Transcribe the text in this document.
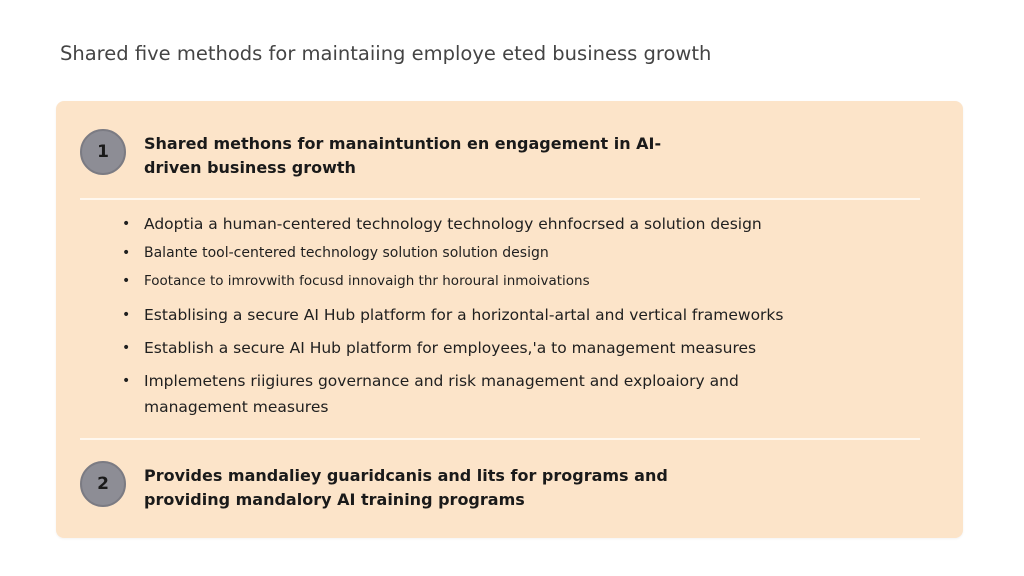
Shared five methods for maintaiing employe eted business growth
1	Shared methons for manaintuntion en engagement in AI-driven business growth
• Adoptia a human-centered technology technology ehnfocrsed a solution design
• Balante tool-centered technology solution solution design
• Footance to imrovwith focusd innovaigh thr horoural inmoivations
• Establising a secure AI Hub platform for a horizontal-artal and vertical frameworks
• Establish a secure AI Hub platform for employees,'a to management measures
• Implemetens riigiures governance and risk management and exploaiory and management measures
2	Provides mandaliey guaridcanis and lits for programs and providing mandalory AI training programs
